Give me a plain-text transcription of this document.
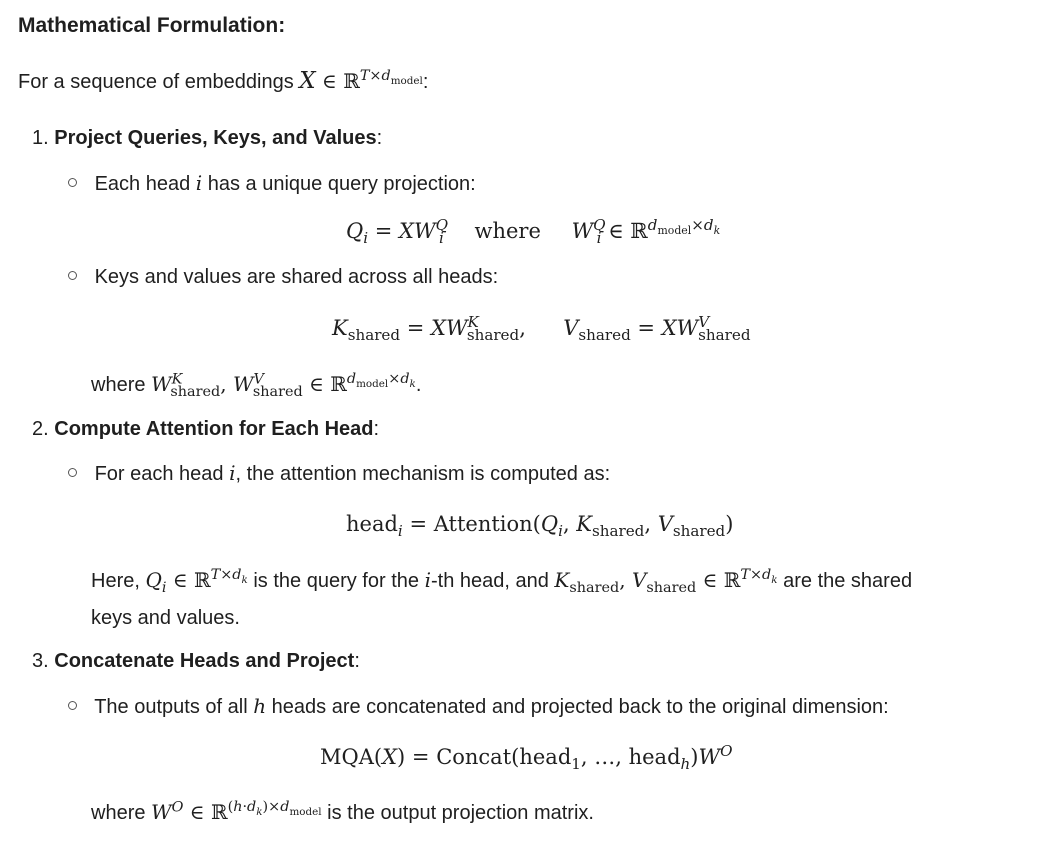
Mathematical Formulation:
For a sequence of embeddings X ∈ ℝ$^{T\times d_{model}}$:
1. Project Queries, Keys, and Values:
Each head i has a unique query projection:
$Q_i = XW^Q_i$ where $W^Q_i$ ∈ ℝ$^{d_{model}\times d_k}$
Keys and values are shared across all heads:
$K_{shared} = XW^K_{shared}$,  $V_{shared} = XW^V_{shared}$
where $W^K_{shared}$, $W^V_{shared}$ ∈ ℝ$^{d_{model}\times d_k}$.
2. Compute Attention for Each Head:
For each head i, the attention mechanism is computed as:
head$_i$ = $Attention(Q_i$, $K_{shared}$, $V_{shared}$)
Here, $Q_i$ ∈ ℝ$^{T\times d_k}$ is the query for the i-th head, and $K_{shared}$, $V_{shared}$ ∈ ℝ$^{T\times d_k}$ are the shared
keys and values.
3. Concatenate Heads and Project:
The outputs of all h heads are concatenated and projected back to the original dimension:
MQA(X) = Concat(head$_1$, …, $head_h)W^O$
where $W^O$ ∈ ℝ$^{(h\cdot d_k)\times d_{model}}$ is the output projection matrix.
